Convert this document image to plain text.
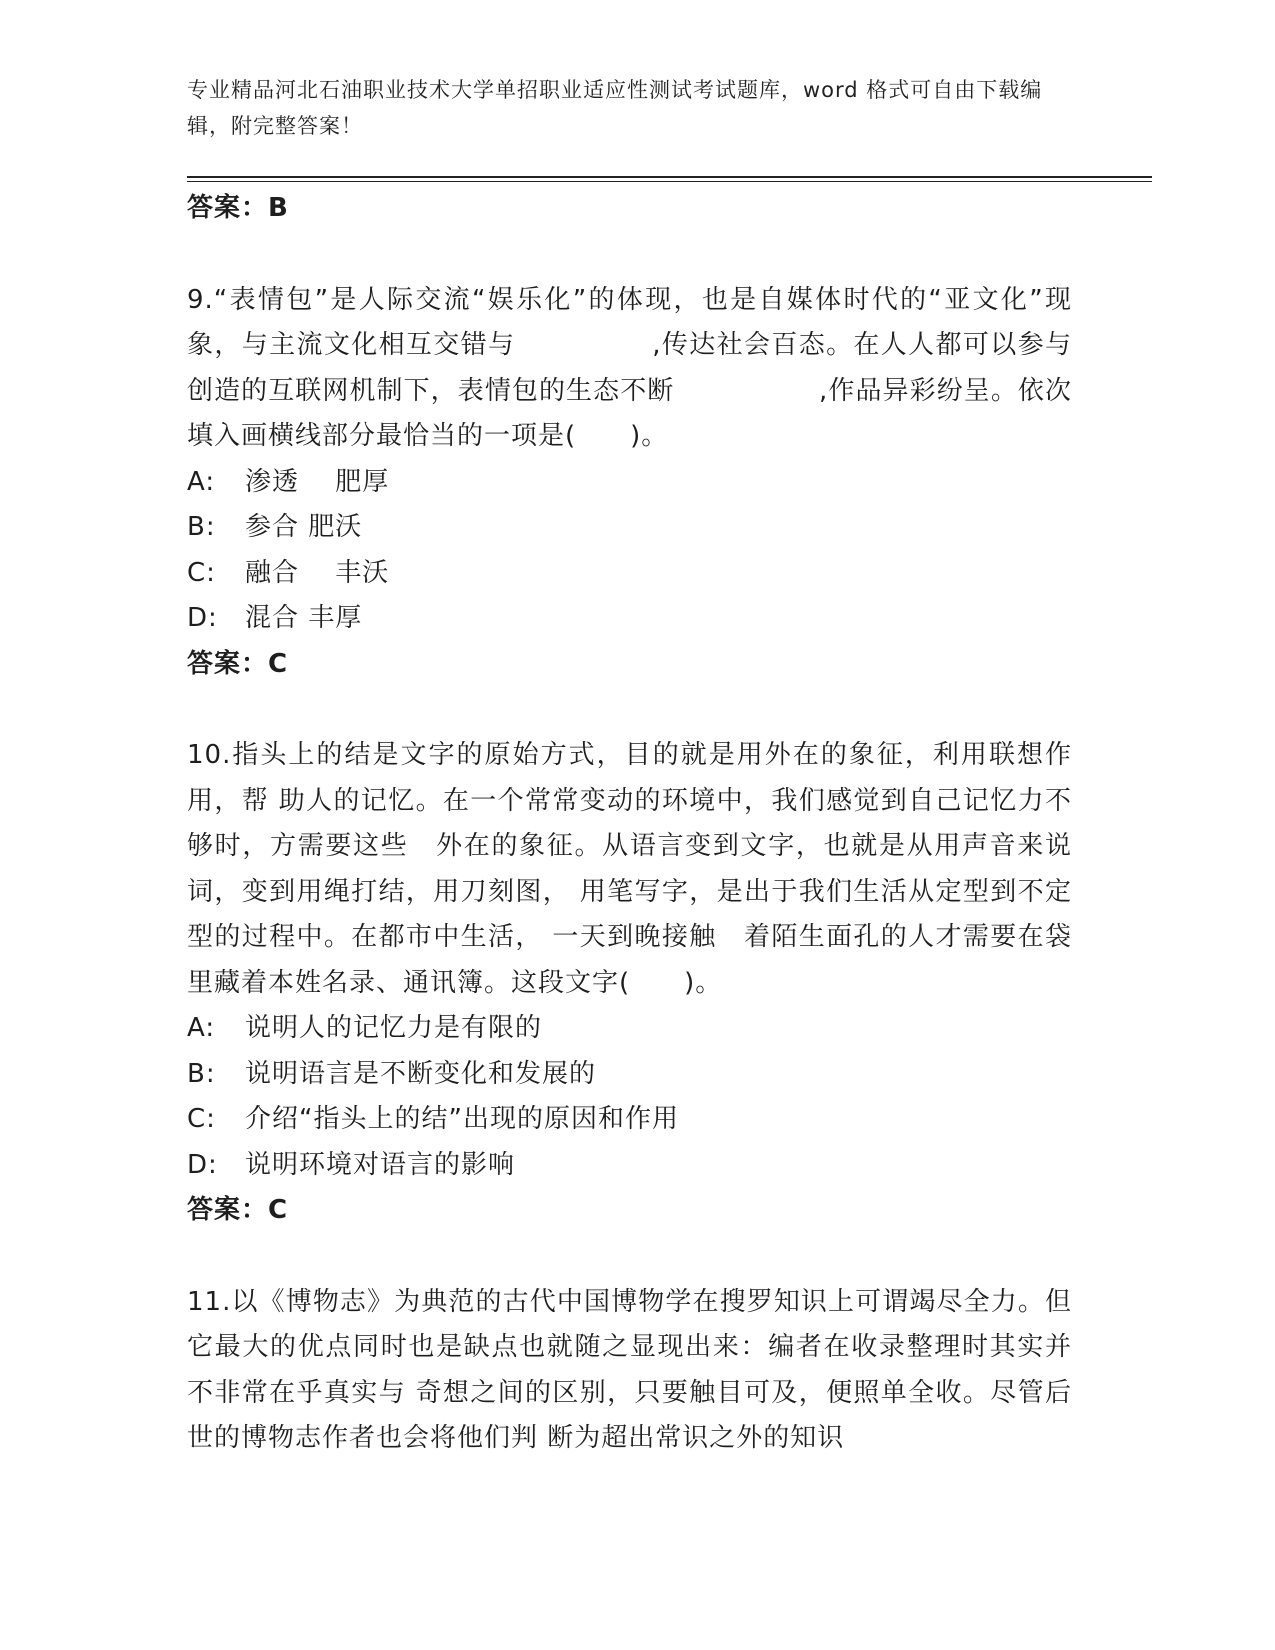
专业精品河北石油职业技术大学单招职业适应性测试考试题库，word 格式可自由下载编辑，附完整答案！

答案：B

9.“表情包”是人际交流“娱乐化”的体现，也是自媒体时代的“亚文化”现 象，与主流文化相互交错与　　　　　,传达社会百态。在人人都可以参与创造的互联网机制下，表情包的生态不断　　　　　 ,作品异彩纷呈。依次填入画横线部分最恰当的一项是(　　)。

A: 渗透　 肥厚

B: 参合 肥沃

C: 融合　 丰沃

D: 混合 丰厚

答案：C

10.指头上的结是文字的原始方式，目的就是用外在的象征，利用联想作用，帮 助人的记忆。在一个常常变动的环境中，我们感觉到自己记忆力不够时，方需要这些　外在的象征。从语言变到文字，也就是从用声音来说词，变到用绳打结，用刀刻图， 用笔写字，是出于我们生活从定型到不定型的过程中。在都市中生活， 一天到晚接触　着陌生面孔的人才需要在袋里藏着本姓名录、通讯簿。这段文字(　　)。

A: 说明人的记忆力是有限的

B: 说明语言是不断变化和发展的

C: 介绍“指头上的结”出现的原因和作用

D: 说明环境对语言的影响

答案：C

11.以《博物志》为典范的古代中国博物学在搜罗知识上可谓竭尽全力。但它最大的优点同时也是缺点也就随之显现出来：编者在收录整理时其实并不非常在乎真实与 奇想之间的区别，只要触目可及，便照单全收。尽管后世的博物志作者也会将他们判 断为超出常识之外的知识
